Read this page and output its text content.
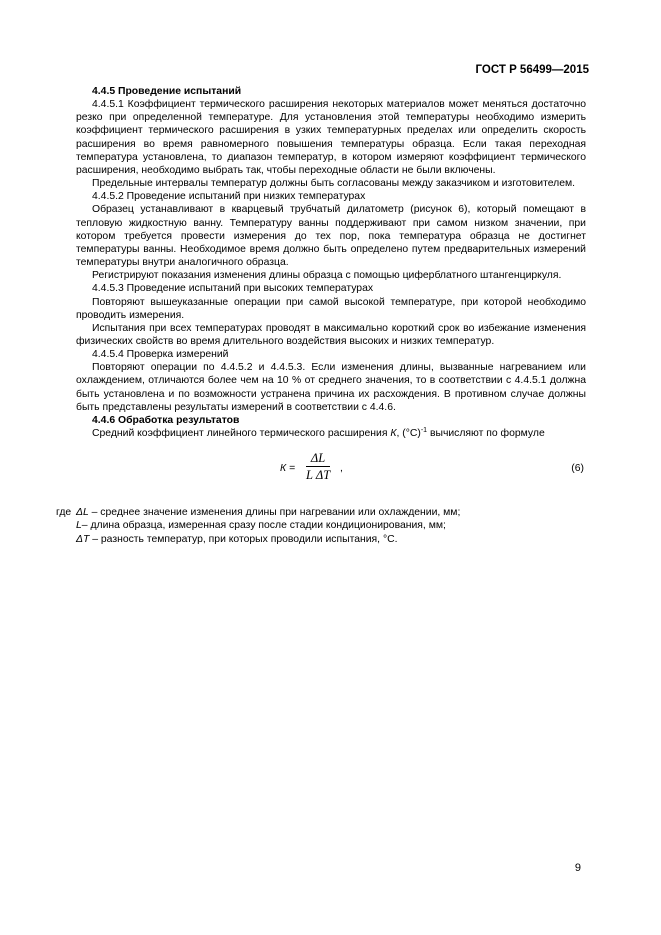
ГОСТ Р 56499—2015
4.4.5 Проведение испытаний
4.4.5.1 Коэффициент термического расширения некоторых материалов может меняться достаточно резко при определенной температуре. Для установления этой температуры необходимо измерить коэффициент термического расширения в узких температурных пределах или определить скорость расширения во время равномерного повышения температуры образца. Если такая переходная температура установлена, то диапазон температур, в котором измеряют коэффициент термического расширения, необходимо выбрать так, чтобы переходные области не были включены.
Предельные интервалы температур должны быть согласованы между заказчиком и изготовителем.
4.4.5.2 Проведение испытаний при низких температурах
Образец устанавливают в кварцевый трубчатый дилатометр (рисунок 6), который помещают в тепловую жидкостную ванну. Температуру ванны поддерживают при самом низком значении, при котором требуется провести измерения до тех пор, пока температура образца не достигнет температуры ванны. Необходимое время должно быть определено путем предварительных измерений температуры внутри аналогичного образца.
Регистрируют показания изменения длины образца с помощью циферблатного штангенциркуля.
4.4.5.3 Проведение испытаний при высоких температурах
Повторяют вышеуказанные операции при самой высокой температуре, при которой необходимо проводить измерения.
Испытания при всех температурах проводят в максимально короткий срок во избежание изменения физических свойств во время длительного воздействия высоких и низких температур.
4.4.5.4 Проверка измерений
Повторяют операции по 4.4.5.2 и 4.4.5.3. Если изменения длины, вызванные нагреванием или охлаждением, отличаются более чем на 10 % от среднего значения, то в соответствии с 4.4.5.1 должна быть установлена и по возможности устранена причина их расхождения. В противном случае должны быть представлены результаты измерений в соответствии с 4.4.6.
4.4.6 Обработка результатов
Средний коэффициент линейного термического расширения К, $(^\circ C)^{-1}$ вычисляют по формуле
$К = \frac{\Delta L}{\text{L ΔT}}$ ,	(6)
где ΔL – среднее значение изменения длины при нагревании или охлаждении, мм;
L– длина образца, измеренная сразу после стадии кондиционирования, мм;
ΔT – разность температур, при которых проводили испытания, °С.
9
